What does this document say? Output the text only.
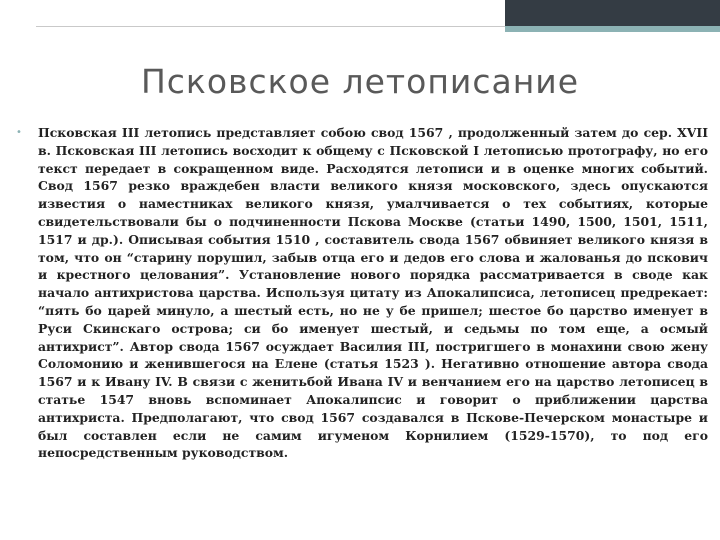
Псковское летописание
•	Псковская III летопись представляет собою свод 1567 , продолженный затем до сер. XVII в. Псковская III летопись восходит к общему с Псковской I летописью протографу, но его текст передает в сокращенном виде. Расходятся летописи и в оценке многих событий. Свод 1567 резко враждебен власти великого князя московского, здесь опускаются известия о наместниках великого князя, умалчивается о тех событиях, которые свидетельствовали бы о подчиненности Пскова Москве (статьи 1490, 1500, 1501, 1511, 1517 и др.). Описывая события 1510 , составитель свода 1567 обвиняет великого князя в том, что он “старину порушил, забыв отца его и дедов его слова и жалованья до пскович и крестного целования”. Установление нового порядка рассматривается в своде как начало антихристова царства. Используя цитату из Апокалипсиса, летописец предрекает: “пять бо царей минуло, а шестый есть, но не у бе пришел; шестое бо царство именует в Руси Скинскаго острова; си бо именует шестый, и седьмы по том еще, а осмый антихрист”. Автор свода 1567 осуждает Василия III, постригшего в монахини свою жену Соломонию и женившегося на Елене (статья 1523 ). Негативно отношение автора свода 1567 и к Ивану IV. В связи с женитьбой Ивана IV и венчанием его на царство летописец в статье 1547 вновь вспоминает Апокалипсис и говорит о приближении царства антихриста. Предполагают, что свод 1567 создавался в Пскове-Печерском монастыре и был составлен если не самим игуменом Корнилием (1529-1570), то под его непосредственным руководством.
